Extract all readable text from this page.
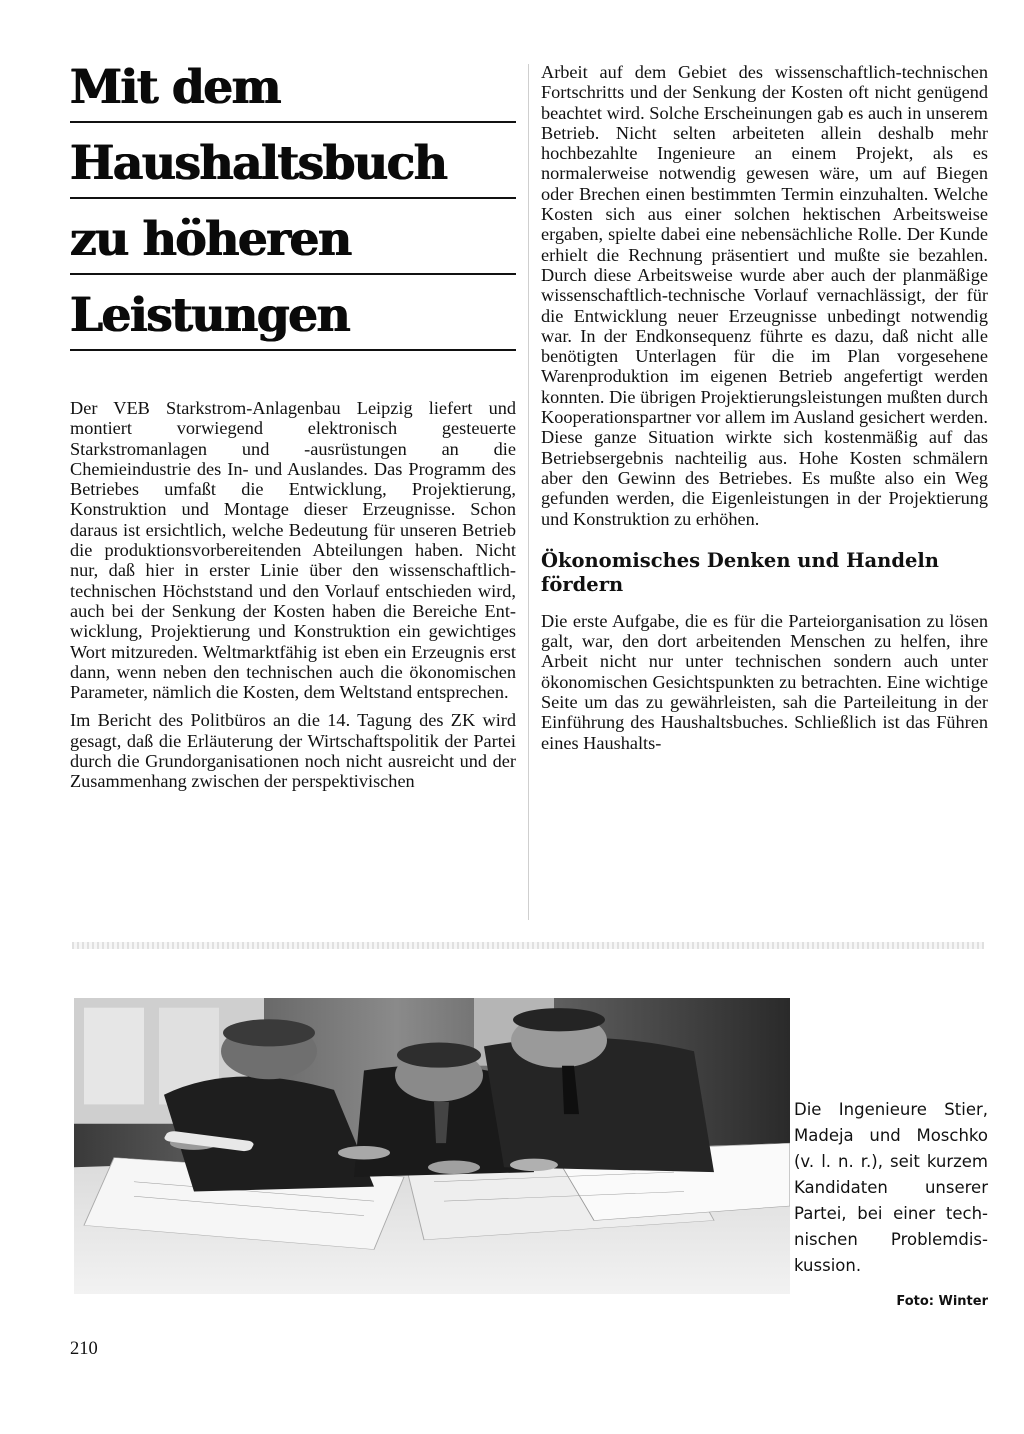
Mit dem
Haushaltsbuch
zu höheren
Leistungen

Der VEB Starkstrom-Anlagenbau Leipzig liefert und montiert vorwiegend elektronisch gesteuerte Starkstromanlagen und -ausrüstungen an die Chemieindustrie des In- und Auslandes. Das Programm des Betriebes umfaßt die Entwicklung, Projektierung, Konstruktion und Montage dieser Erzeugnisse. Schon daraus ist ersichtlich, welche Bedeutung für unseren Betrieb die produktionsvorbereitenden Abteilungen haben. Nicht nur, daß hier in erster Linie über den wissenschaftlich-technischen Höchststand und den Vorlauf entschieden wird, auch bei der Senkung der Kosten haben die Bereiche Entwicklung, Projektierung und Konstruktion ein gewichtiges Wort mitzureden. Weltmarktfähig ist eben ein Erzeugnis erst dann, wenn neben den technischen auch die ökonomischen Parameter, nämlich die Kosten, dem Weltstand entsprechen.

Im Bericht des Politbüros an die 14. Tagung des ZK wird gesagt, daß die Erläuterung der Wirtschaftspolitik der Partei durch die Grundorganisationen noch nicht ausreicht und der Zusammenhang zwischen der perspektivischen

Arbeit auf dem Gebiet des wissenschaftlich-technischen Fortschritts und der Senkung der Kosten oft nicht genügend beachtet wird. Solche Erscheinungen gab es auch in unserem Betrieb. Nicht selten arbeiteten allein deshalb mehr hochbezahlte Ingenieure an einem Projekt, als es normalerweise notwendig gewesen wäre, um auf Biegen oder Brechen einen bestimmten Termin einzuhalten. Welche Kosten sich aus einer solchen hektischen Arbeitsweise ergaben, spielte dabei eine nebensächliche Rolle. Der Kunde erhielt die Rechnung präsentiert und mußte sie bezahlen. Durch diese Arbeitsweise wurde aber auch der planmäßige wissenschaftlich-technische Vorlauf vernachlässigt, der für die Entwicklung neuer Erzeugnisse unbedingt notwendig war. In der Endkonsequenz führte es dazu, daß nicht alle benötigten Unterlagen für die im Plan vorgesehene Warenproduktion im eigenen Betrieb angefertigt werden konnten. Die übrigen Projektierungsleistungen mußten durch Kooperationspartner vor allem im Ausland gesichert werden. Diese ganze Situation wirkte sich kostenmäßig auf das Betriebsergebnis nachteilig aus. Hohe Kosten schmälern aber den Gewinn des Betriebes. Es mußte also ein Weg gefunden werden, die Eigenleistungen in der Projektierung und Konstruktion zu erhöhen.

Ökonomisches Denken und Handeln fördern

Die erste Aufgabe, die es für die Parteiorganisation zu lösen galt, war, den dort arbeitenden Menschen zu helfen, ihre Arbeit nicht nur unter technischen sondern auch unter ökonomischen Gesichtspunkten zu betrachten. Eine wichtige Seite um das zu gewährleisten, sah die Parteileitung in der Einführung des Haushaltsbuches. Schließlich ist das Führen eines Haushalts-

Die Ingenieure Stier, Madeja und Moschko (v. l. n. r.), seit kurzem Kandidaten unserer Partei, bei einer technischen Problemdiskussion.
Foto: Winter
210
